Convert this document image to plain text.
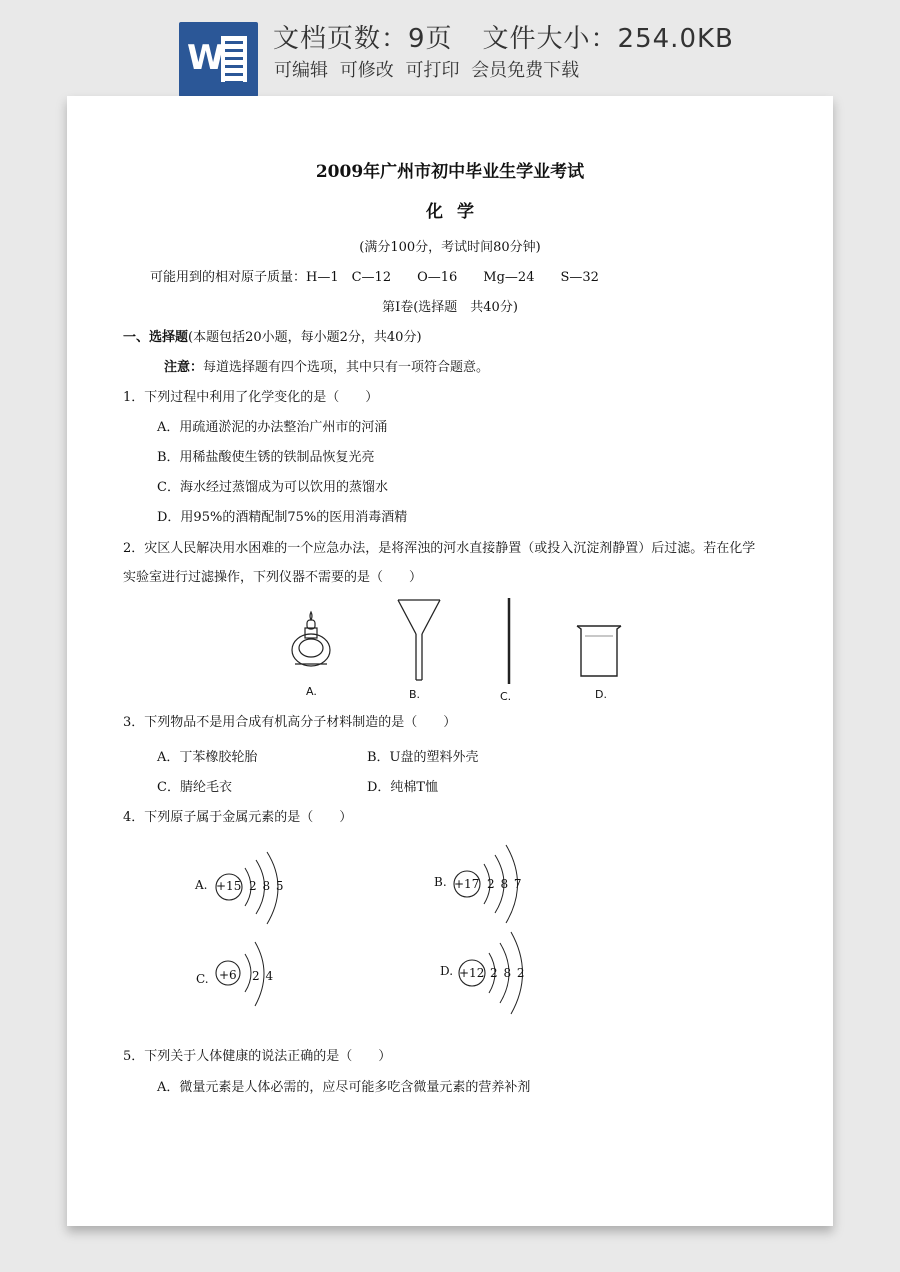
W 文档页数：9页 文件大小：254.0KB
可编辑 可修改 可打印 会员免费下载
2009年广州市初中毕业生学业考试
化学
(满分100分，考试时间80分钟)
可能用到的相对原子质量：H—1　C—12　　O—16　　Mg—24　　S—32
第Ⅰ卷(选择题　共40分)
一、选择题(本题包括20小题，每小题2分，共40分)
注意：每道选择题有四个选项，其中只有一项符合题意。
1．下列过程中利用了化学变化的是（　　）
A．用疏通淤泥的办法整治广州市的河涌
B．用稀盐酸使生锈的铁制品恢复光亮
C．海水经过蒸馏成为可以饮用的蒸馏水
D．用95%的酒精配制75%的医用消毒酒精
2．灾区人民解决用水困难的一个应急办法，是将浑浊的河水直接静置（或投入沉淀剂静置）后过滤。若在化学
实验室进行过滤操作，下列仪器不需要的是（　　）
A.	B.	C.	D.
3．下列物品不是用合成有机高分子材料制造的是（　　）
A．丁苯橡胶轮胎	B．U盘的塑料外壳
C．腈纶毛衣	D．纯棉T恤
4．下列原子属于金属元素的是（　　）
A. +15 2 8 5	B. +17 2 8 7
C. +6 2 4	D. +12 2 8 2
5．下列关于人体健康的说法正确的是（　　）
A．微量元素是人体必需的，应尽可能多吃含微量元素的营养补剂
